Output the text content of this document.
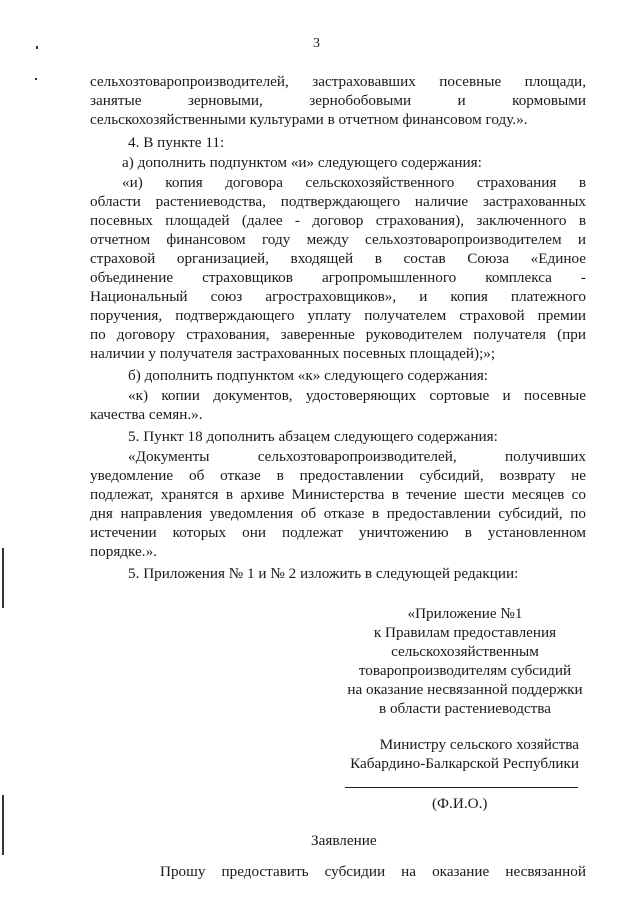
3
сельхозтоваропроизводителей, застраховавших посевные площади,
занятые зерновыми, зернобобовыми и кормовыми
сельскохозяйственными культурами в отчетном финансовом году.».
4. В пункте 11:
а) дополнить подпунктом «и» следующего содержания:
«и) копия договора сельскохозяйственного страхования в
области растениеводства, подтверждающего наличие застрахованных
посевных площадей (далее - договор страхования), заключенного в
отчетном финансовом году между сельхозтоваропроизводителем и
страховой организацией, входящей в состав Союза «Единое
объединение страховщиков агропромышленного комплекса -
Национальный союз агростраховщиков», и копия платежного
поручения, подтверждающего уплату получателем страховой премии
по договору страхования, заверенные руководителем получателя (при
наличии у получателя застрахованных посевных площадей);»;
б) дополнить подпунктом «к» следующего содержания:
«к) копии документов, удостоверяющих сортовые и посевные
качества семян.».
5. Пункт 18 дополнить абзацем следующего содержания:
«Документы сельхозтоваропроизводителей, получивших
уведомление об отказе в предоставлении субсидий, возврату не
подлежат, хранятся в архиве Министерства в течение шести месяцев со
дня направления уведомления об отказе в предоставлении субсидий, по
истечении которых они подлежат уничтожению в установленном
порядке.».
5. Приложения № 1 и № 2 изложить в следующей редакции:
«Приложение №1
к Правилам предоставления
сельскохозяйственным
товаропроизводителям субсидий
на оказание несвязанной поддержки
в области растениеводства
Министру сельского хозяйства
Кабардино-Балкарской Республики
(Ф.И.О.)
Заявление
Прошу предоставить субсидии на оказание несвязанной
